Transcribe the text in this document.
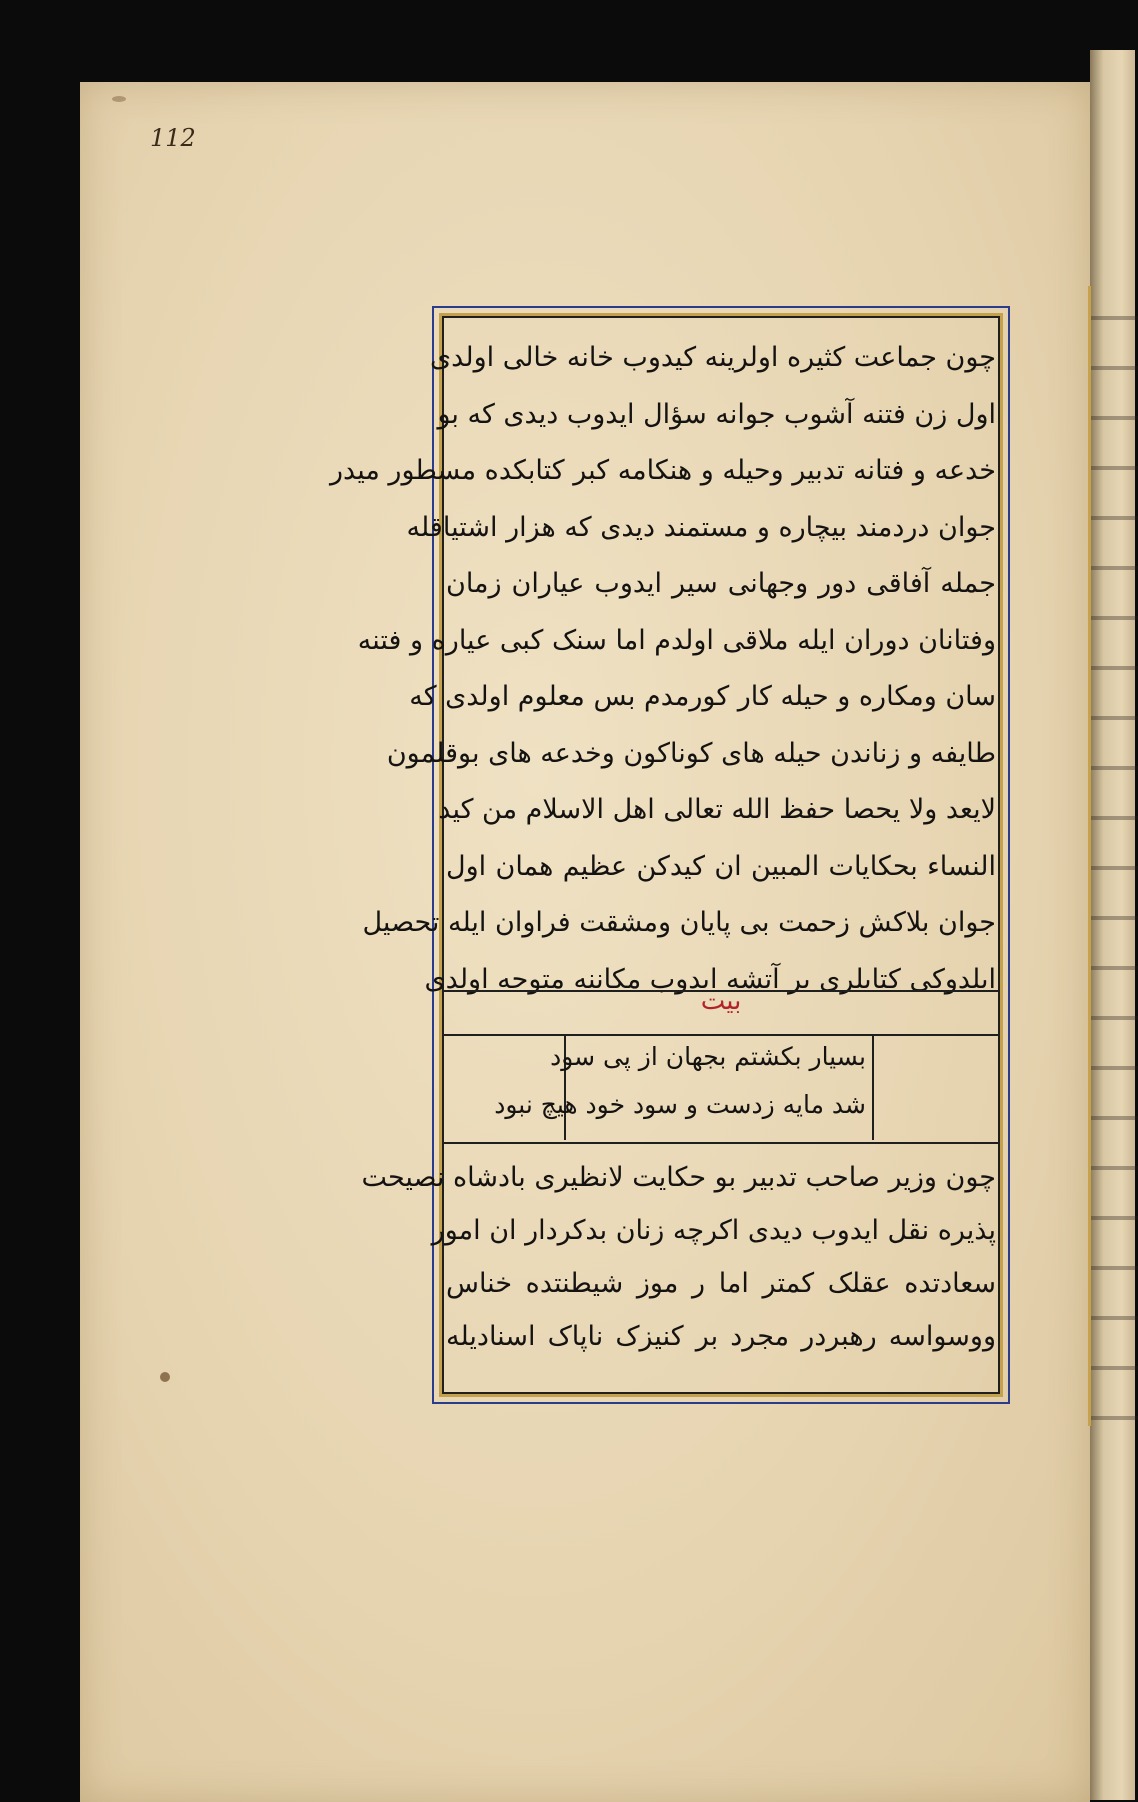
112
چون جماعت کثیره اولرینه کیدوب خانه خالی اولدی
اول زن فتنه آشوب جوانه سؤال ایدوب دیدی که بو
خدعه و فتانه تدبیر وحیله و هنکامه کبر کتابکده مسطور میدر
جوان دردمند بیچاره و مستمند دیدی که هزار اشتیاقله
جمله آفاقی دور وجهانی سیر ایدوب عیاران زمان
وفتانان دوران ایله ملاقی اولدم اما سنک کبی عیاره و فتنه
سان ومکاره و حیله کار کورمدم بس معلوم اولدی که
طایفه و زناندن حیله های کوناکون وخدعه های بوقلمون
لایعد ولا یحصا حفظ الله تعالی اهل الاسلام من کید
النساء بحکایات المبین ان کیدکن عظیم همان اول
جوان بلاکش زحمت بی پایان ومشقت فراوان ایله تحصیل
ایلدوکی کتابلری بر آتشه ایدوب مکاننه متوجه اولدی
بیت
بسیار بکشتم بجهان از پی سود
شد مایه زدست و سود خود هیچ نبود
چون وزیر صاحب تدبیر بو حکایت لانظیری بادشاه نصیحت
پذیره نقل ایدوب دیدی اکرچه زنان بدکردار ان امور
سعادتده عقلک کمتر اما ر موز شیطنتده خناس
ووسواسه رهبردر مجرد بر کنیزک ناپاک اسنادیله
